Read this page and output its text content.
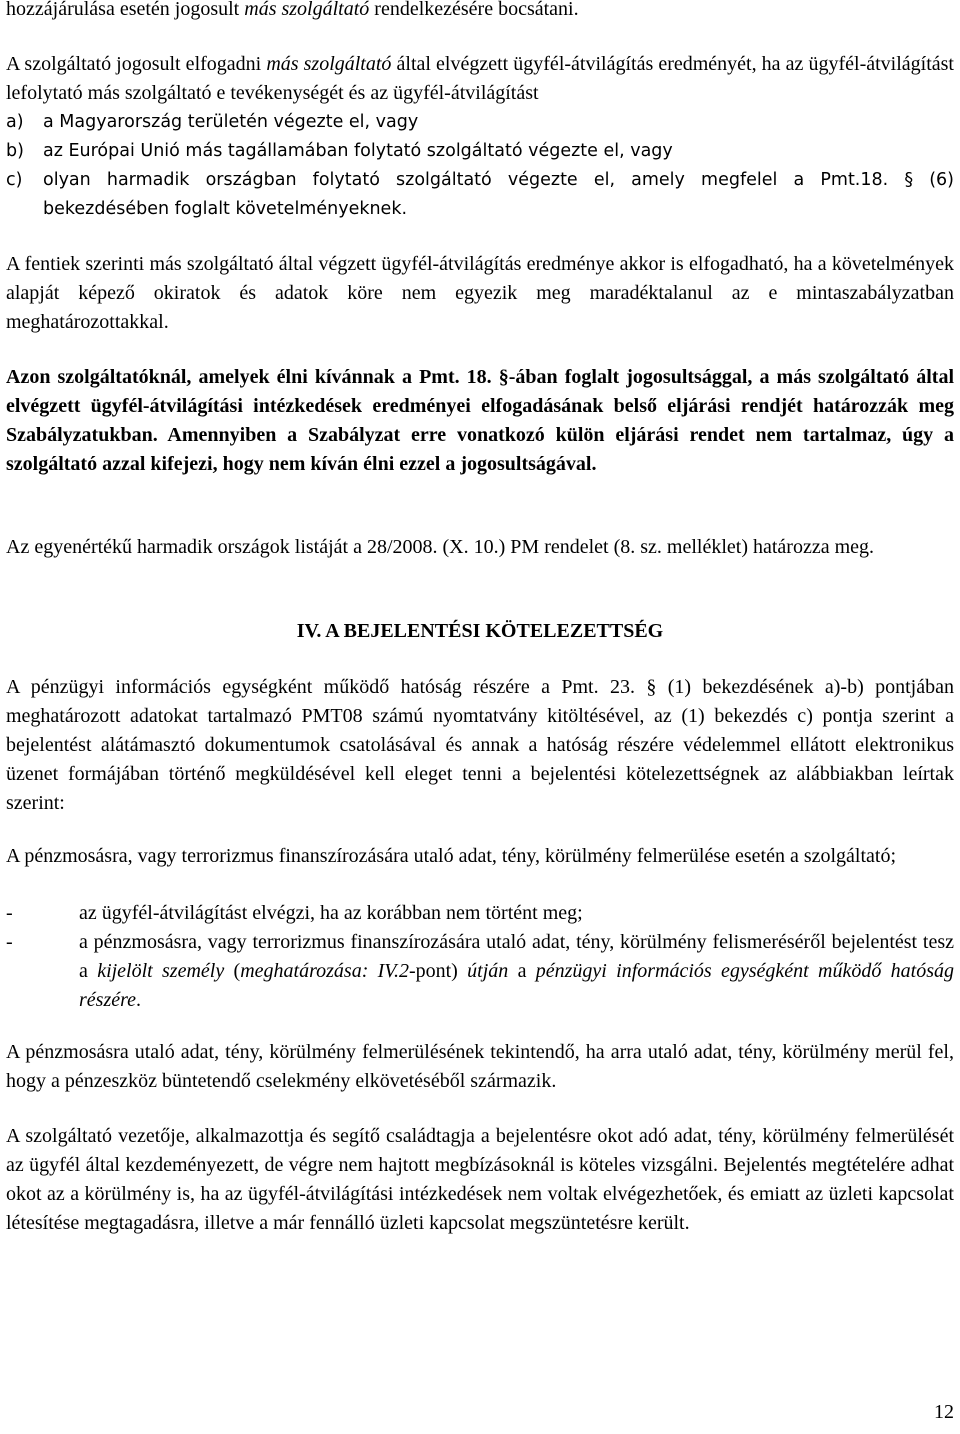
hozzájárulása esetén jogosult más szolgáltató rendelkezésére bocsátani.

A szolgáltató jogosult elfogadni más szolgáltató által elvégzett ügyfél-átvilágítás eredményét, ha az ügyfél-átvilágítást lefolytató más szolgáltató e tevékenységét és az ügyfél-átvilágítást

a) a Magyarország területén végezte el, vagy

b) az Európai Unió más tagállamában folytató szolgáltató végezte el, vagy

c) olyan harmadik országban folytató szolgáltató végezte el, amely megfelel a Pmt.18. § (6) bekezdésében foglalt követelményeknek.

A fentiek szerinti más szolgáltató által végzett ügyfél-átvilágítás eredménye akkor is elfogadható, ha a követelmények alapját képező okiratok és adatok köre nem egyezik meg maradéktalanul az e mintaszabályzatban meghatározottakkal.

Azon szolgáltatóknál, amelyek élni kívánnak a Pmt. 18. §-ában foglalt jogosultsággal, a más szolgáltató által elvégzett ügyfél-átvilágítási intézkedések eredményei elfogadásának belső eljárási rendjét határozzák meg Szabályzatukban. Amennyiben a Szabályzat erre vonatkozó külön eljárási rendet nem tartalmaz, úgy a szolgáltató azzal kifejezi, hogy nem kíván élni ezzel a jogosultságával.

Az egyenértékű harmadik országok listáját a 28/2008. (X. 10.) PM rendelet (8. sz. melléklet) határozza meg.

IV. A BEJELENTÉSI KÖTELEZETTSÉG

A pénzügyi információs egységként működő hatóság részére a Pmt. 23. § (1) bekezdésének a)-b) pontjában meghatározott adatokat tartalmazó PMT08 számú nyomtatvány kitöltésével, az (1) bekezdés c) pontja szerint a bejelentést alátámasztó dokumentumok csatolásával és annak a hatóság részére védelemmel ellátott elektronikus üzenet formájában történő megküldésével kell eleget tenni a bejelentési kötelezettségnek az alábbiakban leírtak szerint:

A pénzmosásra, vagy terrorizmus finanszírozására utaló adat, tény, körülmény felmerülése esetén a szolgáltató;

-	az ügyfél-átvilágítást elvégzi, ha az korábban nem történt meg;

-	a pénzmosásra, vagy terrorizmus finanszírozására utaló adat, tény, körülmény felismeréséről bejelentést tesz a kijelölt személy (meghatározása: IV.2-pont) útján a pénzügyi információs egységként működő hatóság részére.

A pénzmosásra utaló adat, tény, körülmény felmerülésének tekintendő, ha arra utaló adat, tény, körülmény merül fel, hogy a pénzeszköz büntetendő cselekmény elkövetéséből származik.

A szolgáltató vezetője, alkalmazottja és segítő családtagja a bejelentésre okot adó adat, tény, körülmény felmerülését az ügyfél által kezdeményezett, de végre nem hajtott megbízásoknál is köteles vizsgálni. Bejelentés megtételére adhat okot az a körülmény is, ha az ügyfél-átvilágítási intézkedések nem voltak elvégezhetőek, és emiatt az üzleti kapcsolat létesítése megtagadásra, illetve a már fennálló üzleti kapcsolat megszüntetésre került.

12
